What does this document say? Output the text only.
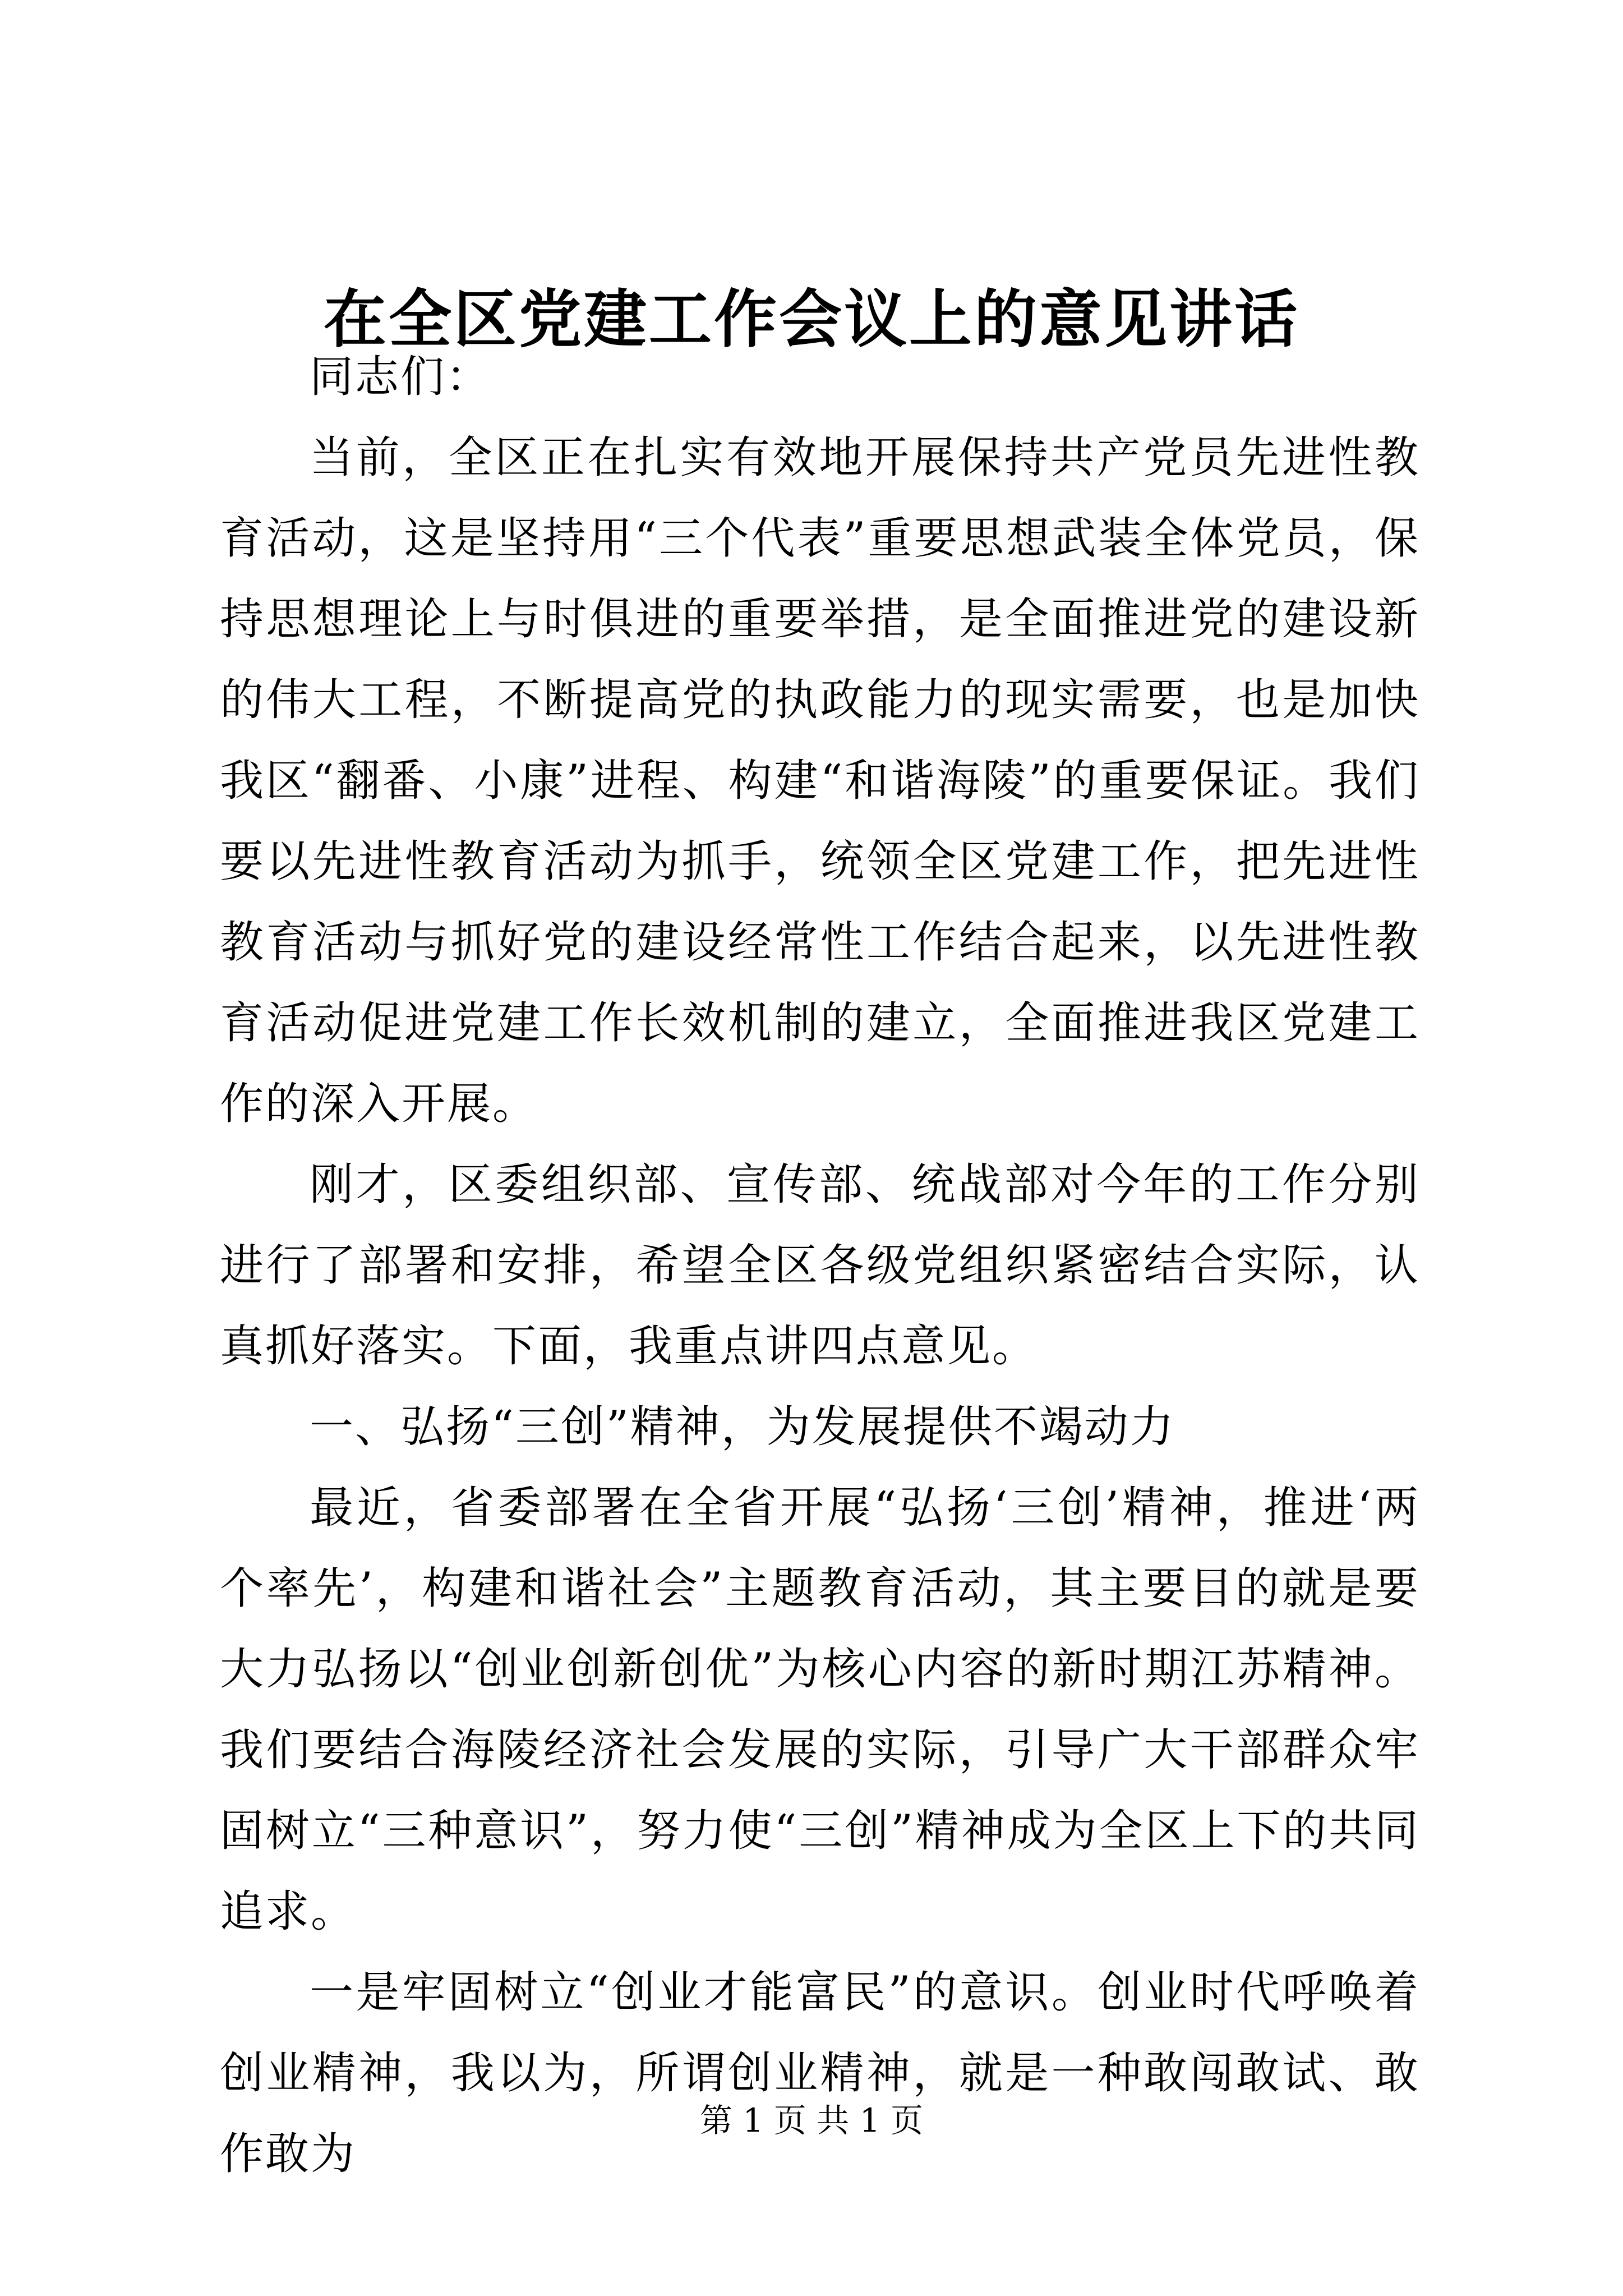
在全区党建工作会议上的意见讲话

同志们：

当前，全区正在扎实有效地开展保持共产党员先进性教育活动，这是坚持用“三个代表”重要思想武装全体党员，保持思想理论上与时俱进的重要举措，是全面推进党的建设新的伟大工程，不断提高党的执政能力的现实需要，也是加快我区“翻番、小康”进程、构建“和谐海陵”的重要保证。我们要以先进性教育活动为抓手，统领全区党建工作，把先进性教育活动与抓好党的建设经常性工作结合起来，以先进性教育活动促进党建工作长效机制的建立，全面推进我区党建工作的深入开展。

刚才，区委组织部、宣传部、统战部对今年的工作分别进行了部署和安排，希望全区各级党组织紧密结合实际，认真抓好落实。下面，我重点讲四点意见。

一、弘扬“三创”精神，为发展提供不竭动力

最近，省委部署在全省开展“弘扬‘三创’精神，推进‘两个率先’，构建和谐社会”主题教育活动，其主要目的就是要大力弘扬以“创业创新创优”为核心内容的新时期江苏精神。我们要结合海陵经济社会发展的实际，引导广大干部群众牢固树立“三种意识”，努力使“三创”精神成为全区上下的共同追求。

一是牢固树立“创业才能富民”的意识。创业时代呼唤着创业精神，我以为，所谓创业精神，就是一种敢闯敢试、敢作敢为

第 1 页 共 1 页
